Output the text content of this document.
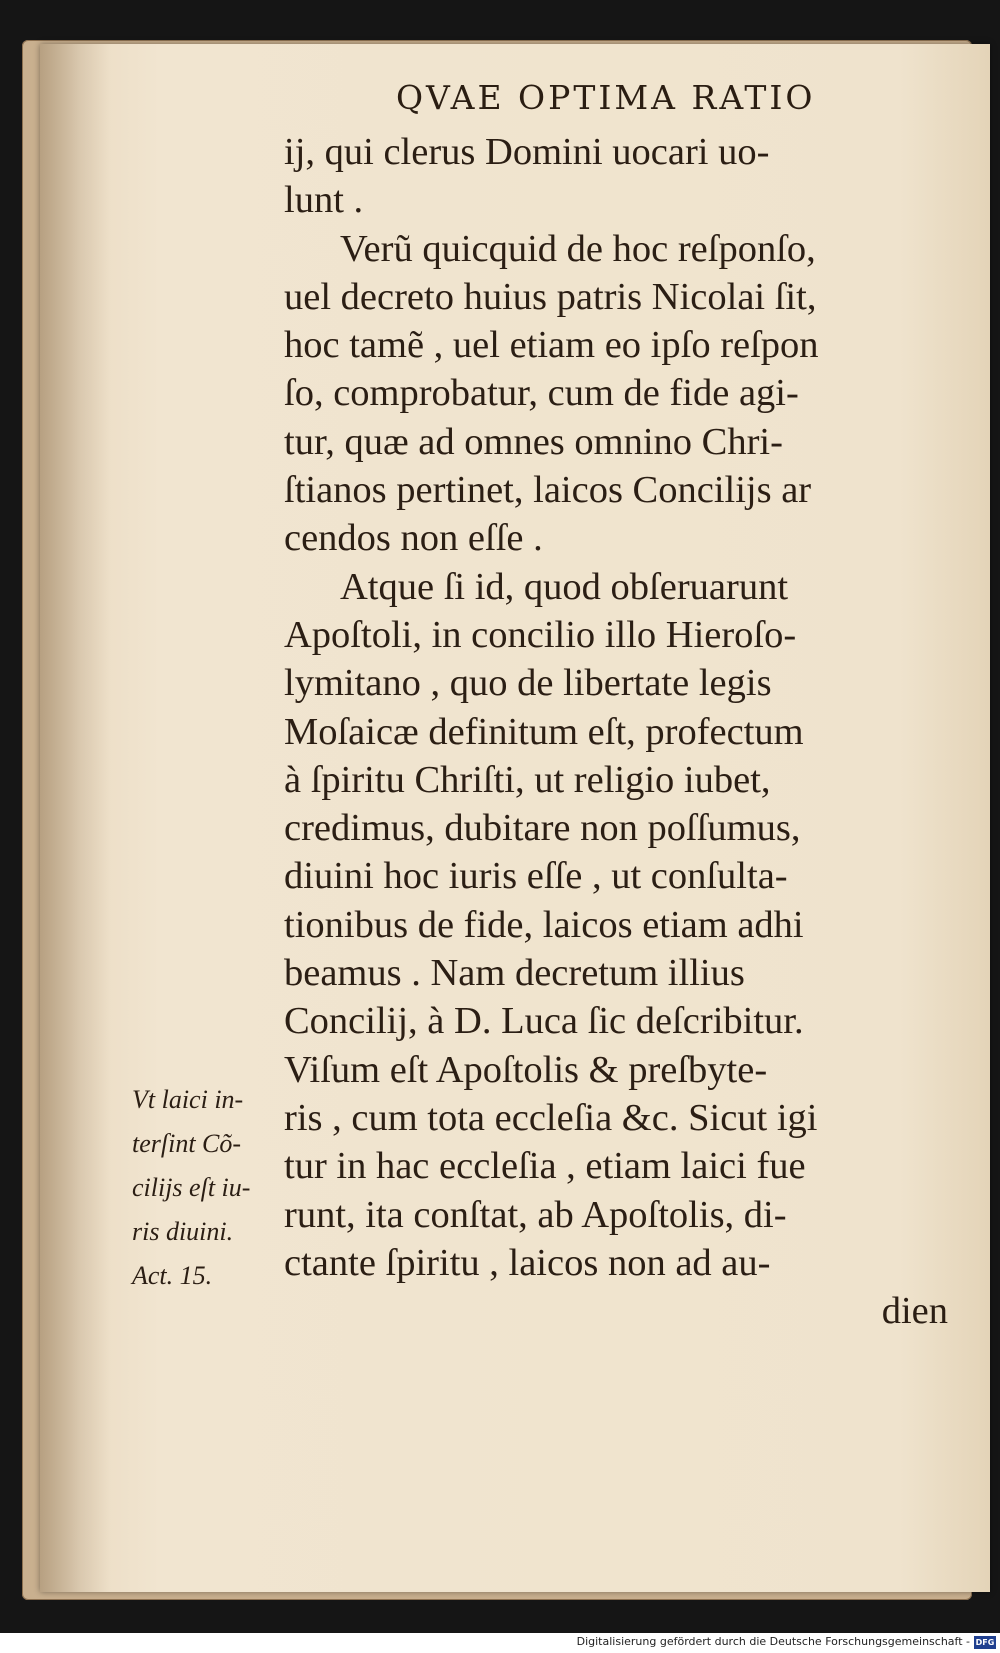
QVAE OPTIMA RATIO
ij, qui clerus Domini uocari uo-
lunt .
Verũ quicquid de hoc reſponſo,
uel decreto huius patris Nicolai ſit,
hoc tamẽ , uel etiam eo ipſo reſpon
ſo, comprobatur, cum de fide agi-
tur, quæ ad omnes omnino Chri-
ſtianos pertinet, laicos Concilijs ar
cendos non eſſe .
Atque ſi id, quod obſeruarunt
Apoſtoli, in concilio illo Hieroſo-
lymitano , quo de libertate legis
Moſaicæ definitum eſt, profectum
à ſpiritu Chriſti, ut religio iubet,
credimus, dubitare non poſſumus,
diuini hoc iuris eſſe , ut conſulta-
tionibus de fide, laicos etiam adhi
beamus . Nam decretum illius
Concilij, à D. Luca ſic deſcribitur.
Viſum eſt Apoſtolis & preſbyte-
ris , cum tota eccleſia &c. Sicut igi
tur in hac eccleſia , etiam laici fue
runt, ita conſtat, ab Apoſtolis, di-
ctante ſpiritu , laicos non ad au-
dien
Vt laici in-
terſint Cõ-
cilijs eſt iu-
ris diuini.
Act. 15.
Digitalisierung gefördert durch die Deutsche Forschungsgemeinschaft - DFG
